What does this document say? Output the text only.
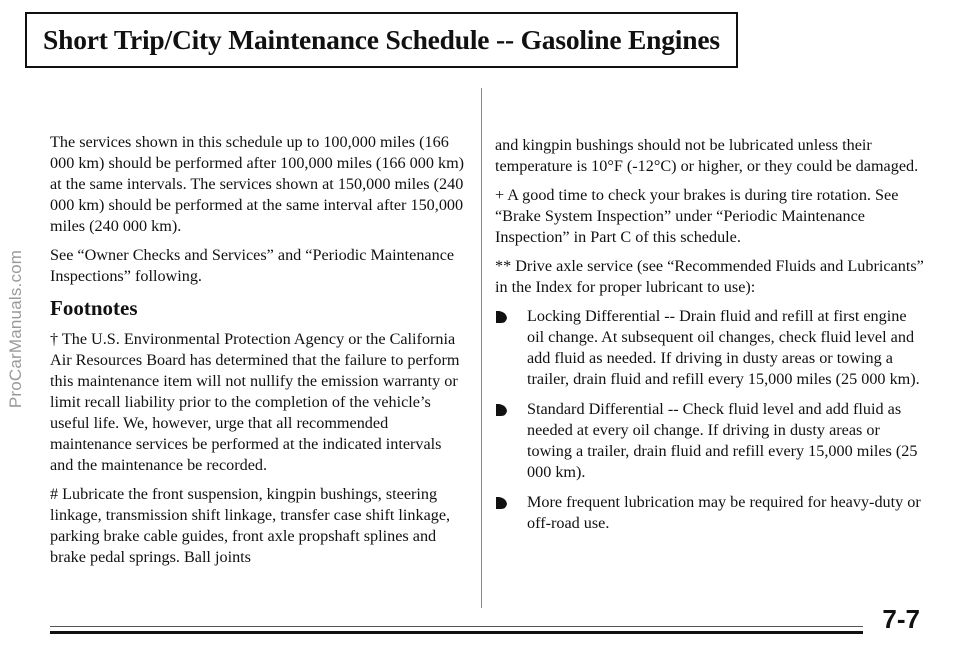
ProCarManuals.com
Short Trip/City Maintenance Schedule -- Gasoline Engines

The services shown in this schedule up to 100,000 miles (166 000 km) should be performed after 100,000 miles (166 000 km) at the same intervals. The services shown at 150,000 miles (240 000 km) should be performed at the same interval after 150,000 miles (240 000 km).

See “Owner Checks and Services” and “Periodic Maintenance Inspections” following.

Footnotes

† The U.S. Environmental Protection Agency or the California Air Resources Board has determined that the failure to perform this maintenance item will not nullify the emission warranty or limit recall liability prior to the completion of the vehicle’s useful life. We, however, urge that all recommended maintenance services be performed at the indicated intervals and the maintenance be recorded.

# Lubricate the front suspension, kingpin bushings, steering linkage, transmission shift linkage, transfer case shift linkage, parking brake cable guides, front axle propshaft splines and brake pedal springs. Ball joints

and kingpin bushings should not be lubricated unless their temperature is 10°F (-12°C) or higher, or they could be damaged.

+ A good time to check your brakes is during tire rotation. See “Brake System Inspection” under “Periodic Maintenance Inspection” in Part C of this schedule.

** Drive axle service (see “Recommended Fluids and Lubricants” in the Index for proper lubricant to use):

Locking Differential -- Drain fluid and refill at first engine oil change. At subsequent oil changes, check fluid level and add fluid as needed. If driving in dusty areas or towing a trailer, drain fluid and refill every 15,000 miles (25 000 km).
Standard Differential -- Check fluid level and add fluid as needed at every oil change. If driving in dusty areas or towing a trailer, drain fluid and refill every 15,000 miles (25 000 km).
More frequent lubrication may be required for heavy-duty or off-road use.
7-7
